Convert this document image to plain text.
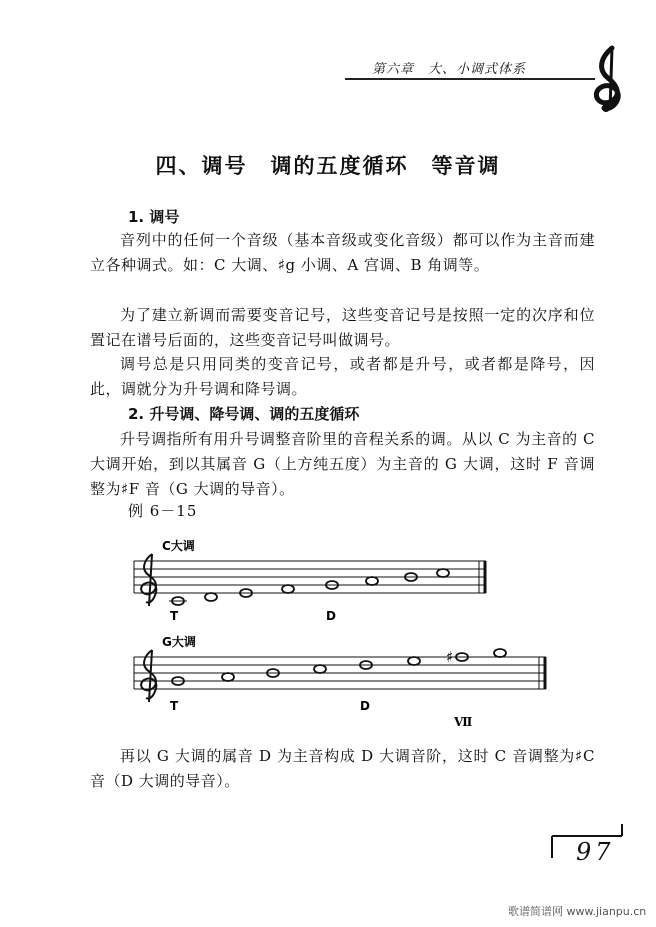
第六章　大、小调式体系
四、调号　调的五度循环　等音调
1. 调号

音列中的任何一个音级（基本音级或变化音级）都可以作为主音而建立各种调式。如：C 大调、♯g 小调、A 宫调、B 角调等。

为了建立新调而需要变音记号，这些变音记号是按照一定的次序和位置记在谱号后面的，这些变音记号叫做调号。

调号总是只用同类的变音记号，或者都是升号，或者都是降号，因此，调就分为升号调和降号调。

2. 升号调、降号调、调的五度循环

升号调指所有用升号调整音阶里的音程关系的调。从以 C 为主音的 C 大调开始，到以其属音 G（上方纯五度）为主音的 G 大调，这时 F 音调整为♯F 音（G 大调的导音）。

例 6－15
C大调
T	D
G大调
♯
T	D
Ⅶ

再以 G 大调的属音 D 为主音构成 D 大调音阶，这时 C 音调整为♯C 音（D 大调的导音）。

97
歌谱简谱网 www.jianpu.cn
